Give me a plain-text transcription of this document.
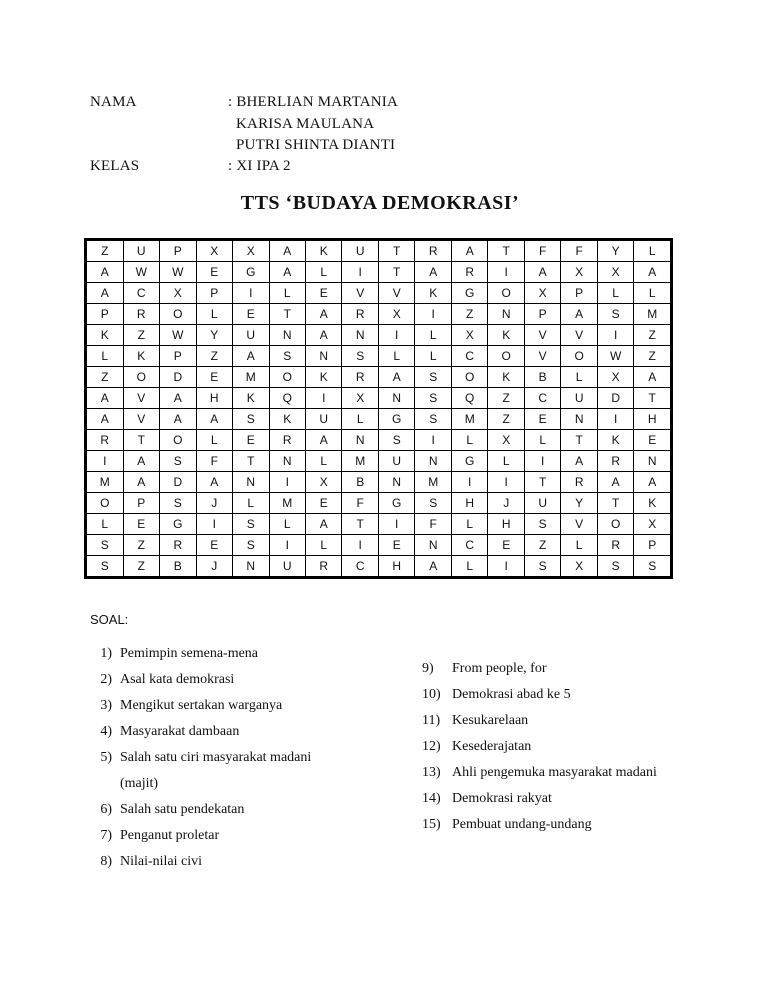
NAMA	: BHERLIAN MARTANIA
KARISA MAULANA
PUTRI SHINTA DIANTI
KELAS	: XI IPA 2
TTS ‘BUDAYA DEMOKRASI’
Z	U	P	X	X	A	K	U	T	R	A	T	F	F	Y	L
A	W	W	E	G	A	L	I	T	A	R	I	A	X	X	A
A	C	X	P	I	L	E	V	V	K	G	O	X	P	L	L
P	R	O	L	E	T	A	R	X	I	Z	N	P	A	S	M
K	Z	W	Y	U	N	A	N	I	L	X	K	V	V	I	Z
L	K	P	Z	A	S	N	S	L	L	C	O	V	O	W	Z
Z	O	D	E	M	O	K	R	A	S	O	K	B	L	X	A
A	V	A	H	K	Q	I	X	N	S	Q	Z	C	U	D	T
A	V	A	A	S	K	U	L	G	S	M	Z	E	N	I	H
R	T	O	L	E	R	A	N	S	I	L	X	L	T	K	E
I	A	S	F	T	N	L	M	U	N	G	L	I	A	R	N
M	A	D	A	N	I	X	B	N	M	I	I	T	R	A	A
O	P	S	J	L	M	E	F	G	S	H	J	U	Y	T	K
L	E	G	I	S	L	A	T	I	F	L	H	S	V	O	X
S	Z	R	E	S	I	L	I	E	N	C	E	Z	L	R	P
S	Z	B	J	N	U	R	C	H	A	L	I	S	X	S	S
SOAL:
1) Pemimpin semena-mena
2) Asal kata demokrasi
3) Mengikut sertakan warganya
4) Masyarakat dambaan
5) Salah satu ciri masyarakat madani
(majit)
6) Salah satu pendekatan
7) Penganut proletar
8) Nilai-nilai civi
9) From people, for
10) Demokrasi abad ke 5
11) Kesukarelaan
12) Kesederajatan
13) Ahli pengemuka masyarakat madani
14) Demokrasi rakyat
15) Pembuat undang-undang
